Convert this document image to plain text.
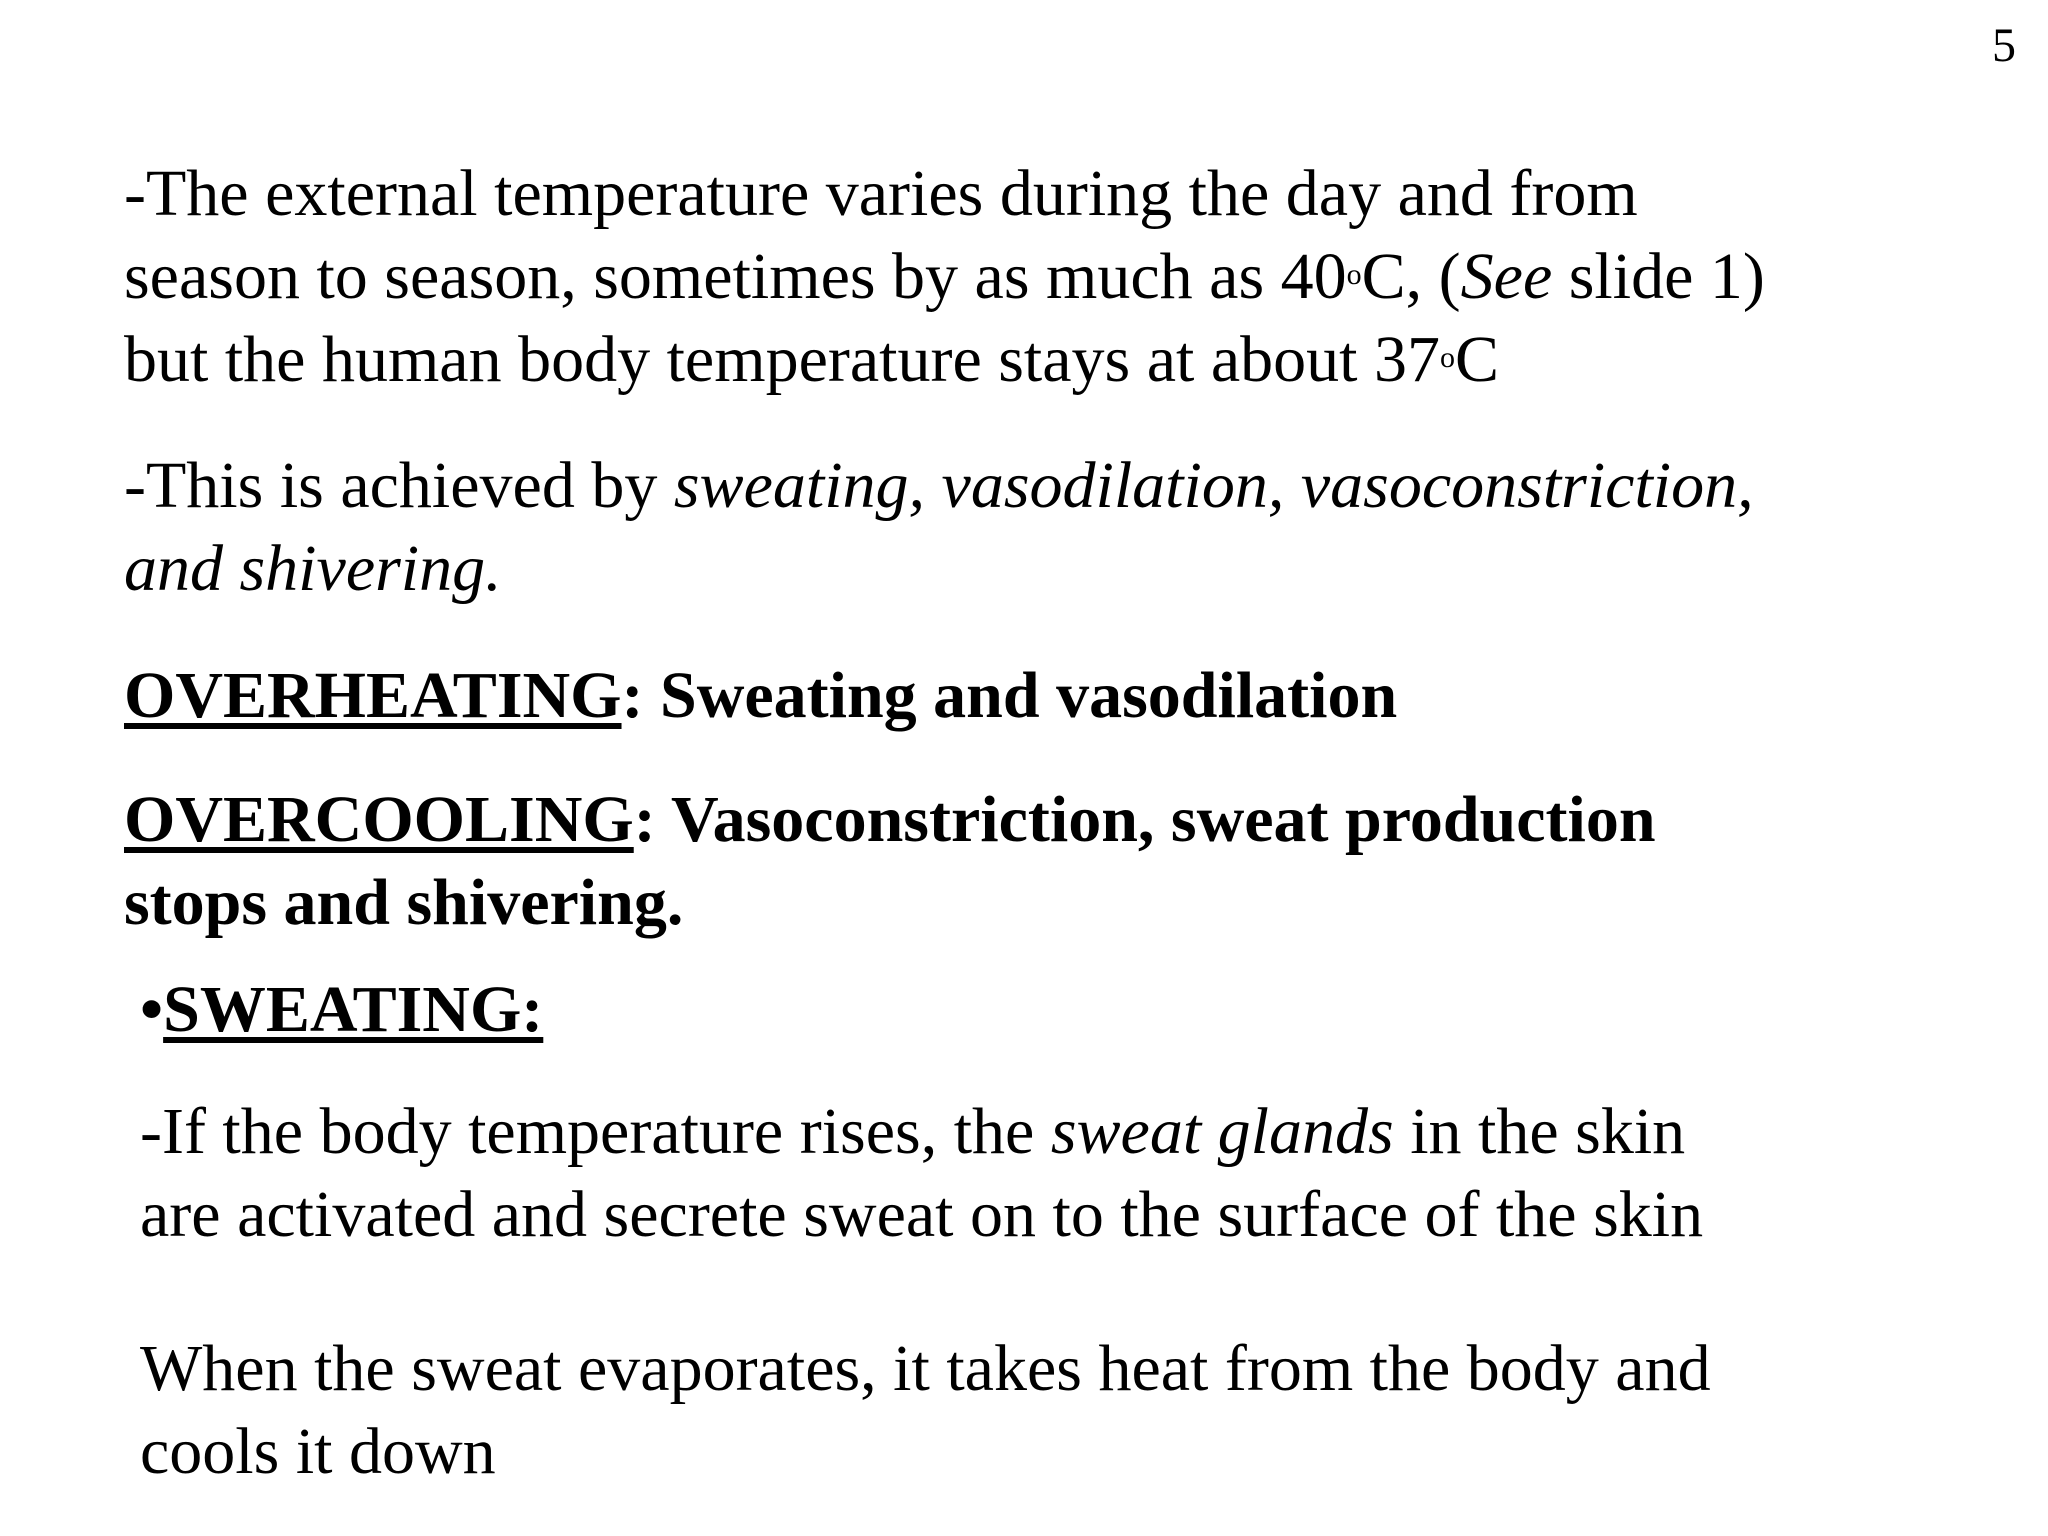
5

-The external temperature varies during the day and from

season to season, sometimes by as much as 40$^o$C, (See slide 1)

but the human body temperature stays at about 37$^o$C

-This is achieved by sweating, vasodilation, vasoconstriction,

and shivering.

OVERHEATING: Sweating and vasodilation

OVERCOOLING: Vasoconstriction, sweat production

stops and shivering.

•SWEATING:

-If the body temperature rises, the sweat glands in the skin

are activated and secrete sweat on to the surface of the skin

When the sweat evaporates, it takes heat from the body and

cools it down
